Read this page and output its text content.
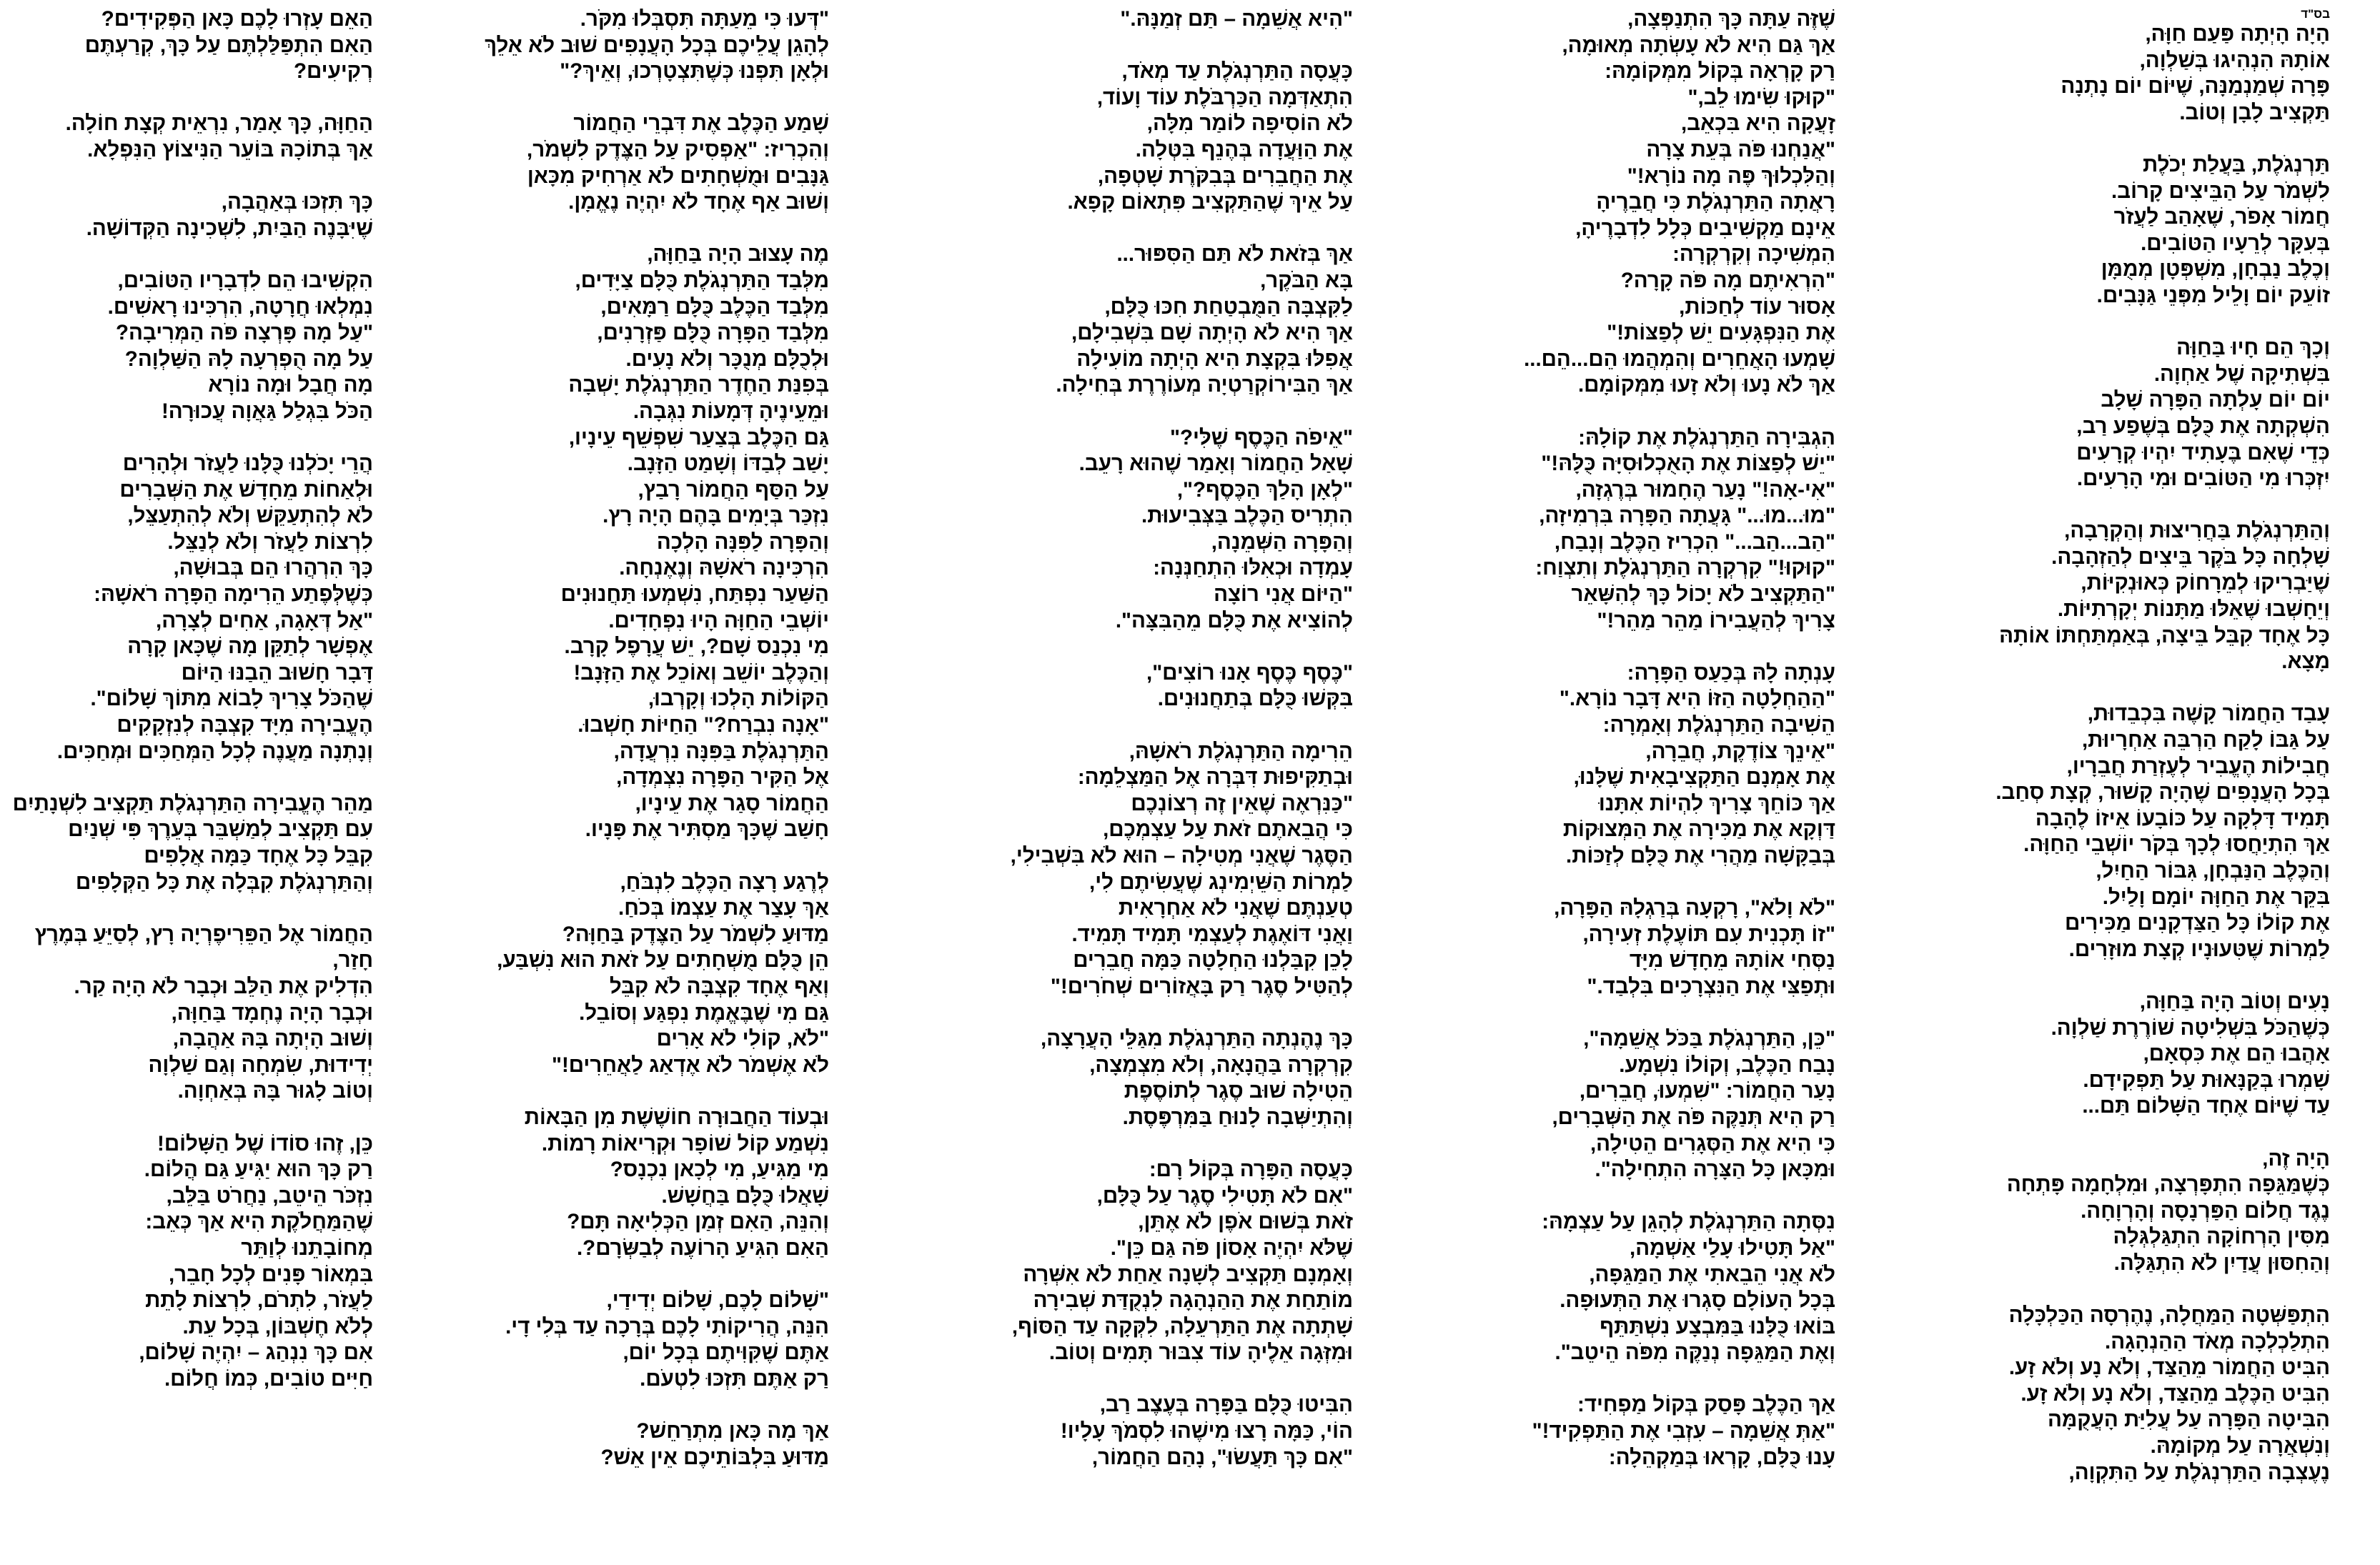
בס"ד
הָיָה הָיְתָה פַּעַם חַוָּה,
אוֹתָהּ הִנְהִיגוּ בְּשַׁלְוָה,
פָּרָה שְׁמַנְמַנָּה, שֶׁיּוֹם יוֹם נָתְנָה
תַּקְצִיב לָבָן וְטוֹב.
תַּרְנְגֹלֶת, בַּעֲלַת יְכֹלֶת
לִשְׁמֹר עַל הַבֵּיצִים קָרוֹב.
חֲמוֹר אָפֹר, שֶׁאָהַב לַעֲזֹר
בְּעִקָּר לְרֵעָיו הַטּוֹבִים.
וְכֶלֶב נַבְחָן, מִשְׁפְּטָן מְמֻמָּן
זוֹעֵק יוֹם וָלֵיל מִפְּנֵי גַּנָּבִים.
וְכָךְ הֵם חָיוּ בַּחַוָּה
בִּשְׁתִיקָה שֶׁל אַחְוָה.
יוֹם יוֹם עָלְתָה הַפָּרָה שָׁלָב
הִשְׁקְתָה אֶת כֻּלָּם בְּשֶׁפַע רַב,
כְּדֵי שֶׁאִם בֶּעָתִיד יִהְיוּ קְרָעִים
יִזְכְּרוּ מִי הַטּוֹבִים וּמִי הָרָעִים.
וְהַתַּרְנְגֹלֶת בַּחֲרִיצוּת וְהַקְרָבָה,
שָׁלְחָה כָּל בֹּקֶר בֵּיצִים לְהַזְהָבָה.
שֶׁיַּבְרִיקוּ לְמֵרָחוֹק כְּאוּנְקִיּוֹת,
וְיֵחָשְׁבוּ שֶׁאֵלּוּ מַתָּנוֹת יְקָרְתִיּוֹת.
כָּל אֶחָד קִבֵּל בֵּיצָה, בְּאַמְתַּחְתּוֹ אוֹתָהּ
מָצָא.
עָבַד הַחֲמוֹר קָשֶׁה בִּכְבֵדוּת,
עַל גַּבּוֹ לָקַח הַרְבֵּה אַחְרָיוּת,
חֲבִילוֹת הֶעֱבִיר לְעֶזְרַת חֲבֵרָיו,
בְּכָל הָעֲנָפִים שֶׁהָיָה קָשׁוּר, קְצָת סְחַב.
תָּמִיד דָּלְקָה עַל כּוֹבָעוֹ אֵיזוֹ לֶהָבָה
אַךְ הִתְיַחֲסוּ לְכָךְ בְּקֹר יוֹשְׁבֵי הַחַוָּה.
וְהַכֶּלֶב הַנַּבְחָן, גִּבּוֹר הַחַיִל,
בִּקֵּר אֶת הַחַוָּה יוֹמָם וָלַיִל.
אֶת קוֹלוֹ כָּל הַצַּדְקָנִים מַכִּירִים
לַמְרוֹת שֶׁטִּעוּנָיו קְצָת מוּזָרִים.
נָעִים וְטוֹב הָיָה בַּחַוָּה,
כְּשֶׁהַכֹּל בִּשְׁלִיטָה שׁוֹרֶרֶת שַׁלְוָה.
אָהֲבוּ הֵם אֶת כִּסְאָם,
שָׁמְרוּ בְּקַנָּאוּת עַל תַּפְקִידָם.
עַד שֶׁיּוֹם אֶחָד הַשָּׁלוֹם תַּם...
הָיָה זֶה,
כְּשֶׁמַּגֵּפָה הִתְפָּרְצָה, וּמִלְחָמָה פָּתְחָה
נֶגֶד חֲלוֹם הַפַּרְנָסָה וְהָרְוָחָה.
מִסִּין הָרְחוֹקָה הִתְגַּלְגְּלָה
וְהַחִסּוּן עֲדַיִן לֹא הִתְגַּלָּה.
הִתְפַּשְּׁטָה הַמַּחֲלָה, נֶהֶרְסָה הַכַּלְכָּלָה
הִתְלַכְלְכָה מְאֹד הַהַנְהָגָה.
הִבִּיט הַחֲמוֹר מֵהַצַּד, וְלֹא נָע וְלֹא זָע.
הִבִּיט הַכֶּלֶב מֵהַצַּד, וְלֹא נָע וְלֹא זָע.
הִבִּיטָה הַפָּרָה עַל עֲלִיַּת הָעֲקֻמָּה
וְנִשְׁאֲרָה עַל מְקוֹמָהּ.
נֶעֶצְבָה הַתַּרְנְגֹלֶת עַל הַתִּקְוָה,
שֶׁזֶּה עַתָּה כָּךְ הִתְנַפְּצָה,
אַךְ גַּם הִיא לֹא עָשְׂתָה מְאוּמָה,
רַק קָרְאָה בְּקוֹל מִמְּקוֹמָהּ:
"קוּקוּ שִׂימוּ לֵב,"
זָעֲקָה הִיא בִּכְאֵב,
"אֲנַחְנוּ פֹּה בְּעֵת צָרָה
וְהַלִּכְלוּךְ פֶּה מָה נוֹרָא!"
רָאֲתָה הַתַּרְנְגֹלֶת כִּי חֲבֵרֶיהָ
אֵינָם מַקְשִׁיבִים כְּלָל לִדְבָרֶיהָ,
הִמְשִׁיכָה וְקִרְקְרָה:
"הִרְאִיתֶם מָה פֹּה קָרָה?
אָסוּר עוֹד לְחַכּוֹת,
אֶת הַנִּפְגָּעִים יֵשׁ לְפַצּוֹת!"
שָׁמְעוּ הָאֲחֵרִים וְהִמְהֲמוּ הֵם...הֵם...
אַךְ לֹא נָעוּ וְלֹא זָעוּ מִמְּקוֹמָם.
הִגְבִּירָה הַתַּרְנְגֹלֶת אֶת קוֹלָהּ:
"יֵשׁ לְפַצּוֹת אֶת הָאֻכְלוּסִיָּה כֻּלָּהּ!"
"אִי-אָה!" נָעַר הֶחָמוּר בְּרֶגְזָה,
"מוּ...מוּ..." גָּעֲתָה הַפָּרָה בִּרְמִיזָה,
"הַב...הַב..." הִכְרִיז הַכֶּלֶב וְנָבַח,
"קוּקוּ!" קִרְקְרָה הַתַּרְנְגֹלֶת וְתִצְוַח:
"הַתַּקְצִיב לֹא יָכוֹל כָּךְ לְהִשָּׁאֵר
צָרִיךְ לְהַעֲבִירוֹ מַהֵר מַהֵר!"
עָנְתָה לָהּ בְּכַעַס הַפָּרָה:
"הַהַחְלָטָה הַזּוֹ הִיא דָּבָר נוֹרָא."
הֵשִׁיבָה הַתַּרְנְגֹלֶת וְאָמְרָה:
"אֵינֵךְ צוֹדֶקֶת, חֲבֵרָה,
אֶת אָמְנָם הַתַּקְצִיבָאִית שֶׁלָּנוּ,
אַךְ כּוֹחֵךְ צָרִיךְ לִהְיוֹת אִתָּנוּ
דַּוְקָא אֶת מַכִּירָה אֶת הַמְּצוּקוֹת
בְּבַקָּשָׁה מַהֲרִי אֶת כֻּלָּם לְזַכּוֹת.
"לֹא וָלֹא", רָקְעָה בְּרַגְלָהּ הַפָּרָה,
"זוֹ תָּכְנִית עִם תּוֹעֶלֶת זְעִירָה,
נַסְּחִי אוֹתָהּ מֵחָדָשׁ מִיָּד
וּתְפַצִּי אֶת הַנִּצְרָכִים בִּלְבַד."
"כֵּן, הַתַּרְנְגֹלֶת בַּכֹּל אֲשֵׁמָה",
נָבַח הַכֶּלֶב, וְקוֹלוֹ נִשְׁמָע.
נָעַר הַחֲמוֹר: "שִׁמְעוּ, חֲבֵרִים,
רַק הִיא תְּנַקֶּה פֹּה אֶת הַשְּׁבָרִים,
כִּי הִיא אֶת הַסְּגָרִים הֵטִילָה,
וּמִכָּאן כָּל הַצָּרָה הִתְחִילָה".
נִסְּתָה הַתַּרְנְגֹלֶת לְהָגֵן עַל עַצְמָהּ:
"אַל תָּטִילוּ עָלַי אַשְׁמָה,
לֹא אֲנִי הֵבֵאתִי אֶת הַמַּגֵּפָה,
בְּכָל הָעוֹלָם סָגְרוּ אֶת הַתְּעוּפָה.
בּוֹאוּ כֻּלָּנוּ בַּמִּבְצָע נִשְׁתַּתֵּף
וְאֶת הַמַּגֵּפָה נְנַקֶּה מִפֹּה הֵיטֵב".
אַךְ הַכֶּלֶב פָּסַק בְּקוֹל מַפְחִיד:
"אַתְּ אֲשֵׁמָה – עִזְבִי אֶת הַתַּפְקִיד!"
עָנוּ כֻּלָּם, קָרְאוּ בְּמַקְהֵלָה:
"הִיא אֲשֵׁמָה – תַּם זְמַנָּהּ."
כָּעֲסָה הַתַּרְנְגֹלֶת עַד מְאֹד,
הִתְאַדְּמָה הַכַּרְבֹּלֶת עוֹד וָעוֹד,
לֹא הוֹסִיפָה לוֹמַר מִלָּה,
אֶת הַוַּעֲדָה בְּהֶנֵף בִּטְּלָה.
אֶת הַחֲבֵרִים בְּבִקֹּרֶת שָׁטְפָה,
עַל אֵיךְ שֶׁהַתַּקְצִיב פִּתְאוֹם קָפָא.
אַךְ בְּזֹאת לֹא תַּם הַסִּפּוּר...
בָּא הַבֹּקֶר,
לַקִּצְבָּה הַמֻּבְטַחַת חִכּוּ כֻּלָּם,
אַךְ הִיא לֹא הָיְתָה שָׁם בִּשְׁבִילָם,
אֲפִלּוּ בִּקְצָת הִיא הָיְתָה מוֹעִילָה
אַךְ הַבִּירוֹקְרַטְיָה מְעוֹרֶרֶת בְּחִילָה.
"אֵיפֹה הַכֶּסֶף שֶׁלִּי?"
שָׁאַל הַחֲמוֹר וְאָמַר שֶׁהוּא רָעֵב.
"לְאָן הָלַךְ הַכֶּסֶף?",
הִתְרִיס הַכֶּלֶב בַּצְּבִיעוּת.
וְהַפָּרָה הַשְּׁמֵנָה,
עָמְדָה וּכְאִלּוּ הִתְחַנְּנָה:
"הַיּוֹם אֲנִי רוֹצָה
לְהוֹצִיא אֶת כֻּלָּם מֵהַבִּצָּה".
"כֶּסֶף כֶּסֶף אָנוּ רוֹצִים",
בִּקְּשׁוּ כֻּלָּם בְּתַחֲנוּנִים.
הֵרִימָה הַתַּרְנְגֹלֶת רֹאשָׁהּ,
וּבְתַקִּיפוּת דִּבְּרָה אֶל הַמַּצְלֵמָה:
"כַּנִּרְאֶה שֶׁאֵין זֶה רְצוֹנְכֶם
כִּי הֲבֵאתֶם זֹאת עַל עַצְמְכֶם,
הַסֶּגֶר שֶׁאֲנִי מְטִילָה – הוּא לֹא בִּשְׁבִילִי,
לַמְרוֹת הַשֵּׁיְמִינְג שֶׁעֲשִׂיתֶם לִי,
טְעַנְתֶּם שֶׁאֲנִי לֹא אַחְרָאִית
וַאֲנִי דּוֹאֶגֶת לְעַצְמִי תָּמִיד תָּמִיד.
לָכֵן קִבַּלְנוּ הַחְלָטָה כַּמָּה חֲבֵרִים
לְהַטִּיל סֶגֶר רַק בָּאֲזוֹרִים שְׁחֹרִים!"
כָּךְ נֶהֶנְתָה הַתַּרְנְגֹלֶת מִגַּלֵּי הָעֲרָצָה,
קִרְקְרָה בַּהֲנָאָה, וְלֹא מִצְמְצָה,
הֵטִילָה שׁוּב סֶגֶר לְתוֹסֶפֶת
וְהִתְיַשְּׁבָה לָנוּחַ בַּמִּרְפֶּסֶת.
כָּעֲסָה הַפָּרָה בְּקוֹל רָם:
"אִם לֹא תָּטִילִי סֶגֶר עַל כֻּלָּם,
זֹאת בְּשׁוּם אֹפֶן לֹא אֶתֵּן,
שֶׁלֹּא יִהְיֶה אָסוֹן פֹּה גַּם כֵּן".
וְאָמְנָם תַּקְצִיב לְשָׁנָה אַחַת לֹא אִשְּׁרָה
מוֹתַחַת אֶת הַהַנְהָגָה לִנְקֻדַּת שְׁבִירָה
שָׁתְתָה אֶת הַתַּרְעֵלָה, לִקְּקָה עַד הַסּוֹף,
וּמִזְּגָה אֵלֶיהָ עוֹד צִבּוּר תָּמִים וְטוֹב.
הִבִּיטוּ כֻּלָּם בַּפָּרָה בְּעֶצֶב רַב,
הוֹי, כַּמָּה רָצוּ מִישֶׁהוּ לִסְמֹךְ עָלָיו!
"אִם כָּךְ תַּעֲשׂוּ", נָהַם הַחֲמוֹר,
"דְּעוּ כִּי מֵעַתָּה תִּסְבְּלוּ מִקֹּר.
לְהָגֵן עֲלֵיכֶם בְּכָל הָעֲנָפִים שׁוּב לֹא אֵלֵךְ
וּלְאָן תִּפְנוּ כְּשֶׁתִּצְטָרְכוּ, וְאֵיךְ?"
שָׁמַע הַכֶּלֶב אֶת דִּבְרֵי הַחֲמוֹר
וְהִכְרִיז: "אַפְסִיק עַל הַצֶּדֶק לִשְׁמֹר,
גַּנָּבִים וּמֻשְׁחָתִים לֹא אַרְחִיק מִכָּאן
וְשׁוּב אַף אֶחָד לֹא יִהְיֶה נֶאֱמָן.
מֶה עָצוּב הָיָה בַּחַוָּה,
מִלְּבַד הַתַּרְנְגֹלֶת כֻּלָּם צַיָּדִים,
מִלְּבַד הַכֶּלֶב כֻּלָּם רַמָּאִים,
מִלְּבַד הַפָּרָה כֻּלָּם פַּזְרָנִים,
וּלְכֻלָּם מְנֻכָּר וְלֹא נָעִים.
בְּפִנַּת הַחֶדֶר הַתַּרְנְגֹלֶת יָשְׁבָה
וּמֵעֵינֶיהָ דְּמָעוֹת נִגְּבָה.
גַּם הַכֶּלֶב בְּצַעַר שִׁפְשֵׁף עֵינָיו,
יָשַׁב לְבַדּוֹ וְשָׁמַט הַזָּנָב.
עַל הַסַּף הַחֲמוֹר רָבַץ,
נִזְכַּר בְּיָמִים בָּהֶם הָיָה רָץ.
וְהַפָּרָה לַפִּנָּה הָלְכָה
הִרְכִּינָה רֹאשָׁהּ וְנֶאֶנְחָה.
הַשַּׁעַר נִפְתַּח, נִשְׁמְעוּ תַּחֲנוּנִים
יוֹשְׁבֵי הַחַוָּה הָיוּ נִפְחָדִים.
מִי נִכְנַס שָׁם?, יֵשׁ עֲרָפֶל קָרָב.
וְהַכֶּלֶב יוֹשֵׁב וְאוֹכֵל אֶת הַזָּנָב!
הַקּוֹלוֹת הָלְכוּ וְקָרְבוּ,
"אָנָה נִבְרַח?" הַחַיּוֹת חָשְׁבוּ.
הַתַּרְנְגֹלֶת בַּפִּנָּה נִרְעֲדָה,
אֶל הַקִּיר הַפָּרָה נִצְמְדָה,
הַחֲמוֹר סָגַר אֶת עֵינָיו,
חָשַׁב שֶׁכָּךְ מַסְתִּיר אֶת פָּנָיו.
לְרֶגַע רָצָה הַכֶּלֶב לִנְבֹּחַ,
אַךְ עָצַר אֶת עַצְמוֹ בְּכֹחַ.
מַדּוּעַ לִשְׁמֹר עַל הַצֶּדֶק בַּחַוָּה?
הֵן כֻּלָּם מֻשְׁחָתִים עַל זֹאת הוּא נִשְׁבַּע,
וְאַף אֶחָד קִצְבָּה לֹא קִבֵּל
גַּם מִי שֶׁבֶּאֱמֶת נִפְגַּע וְסוֹבֵל.
"לֹא, קוֹלִי לֹא אָרִים
לֹא אֶשְׁמֹר לֹא אֶדְאַג לַאֲחֵרִים!"
וּבְעוֹד הַחֲבוּרָה חוֹשֶׁשֶׁת מִן הַבָּאוֹת
נִשְׁמַע קוֹל שׁוֹפָר וּקְרִיאוֹת רָמוֹת.
מִי מַגִּיעַ, מִי לְכָאן נִכְנָס?
שָׁאֲלוּ כֻּלָּם בַּחֲשָׁשׁ.
וְהִנֵּה, הַאִם זְמַן הַכְּלִיאָה תָּם?
הַאִם הִגִּיעַ הָרוֹעֶה לְבַשְּׂרָם?.
"שָׁלוֹם לָכֶם, שָׁלוֹם יְדִידַי,
הִנֵּה, הֲרִיקוֹתִי לָכֶם בְּרָכָה עַד בְּלִי דָי.
אַתֶּם שֶׁקִּוִּיתֶם בְּכָל יוֹם,
רַק אַתֶּם תִּזְכּוּ לִטְעֹם.
אַךְ מָה כָּאן מִתְרַחֵשׁ?
מַדּוּעַ בִּלְבּוֹתֵיכֶם אֵין אֵשׁ?
הַאֵם עָזְרוּ לָכֶם כָּאן הַפְּקִידִים?
הַאִם הִתְפַּלַּלְתֶּם עַל כָּךְ, קְרַעְתֶּם
רְקִיעִים?
הַחַוָּה, כָּךְ אָמַר, נִרְאֵית קְצָת חוֹלָה.
אַךְ בְּתוֹכָהּ בּוֹעֵר הַנִּיצוֹץ הַנִּפְלָא.
כָּךְ תִּזְכּוּ בְּאַהֲבָה,
שֶׁיִּבָּנֶה הַבַּיִת, לִשְׁכִינָה הַקְּדוֹשָׁה.
הִקְשִׁיבוּ הֵם לִדְבָרָיו הַטּוֹבִים,
נִמְלְאוּ חֲרָטָה, הִרְכִּינוּ רָאשִׁים.
"עַל מָה פָּרְצָה פֹּה הַמְּרִיבָה?
עַל מָה הֻפְרְעָה לָהּ הַשַּׁלְוָה?
מָה חֲבָל וּמָה נוֹרָא
הַכֹּל בִּגְלַל גַּאֲוָה עֲכוּרָה!
הֲרֵי יָכֹלְנוּ כֻּלָּנוּ לַעֲזֹר וּלְהָרִים
וּלְאַחוֹת מֵחָדָשׁ אֶת הַשְּׁבָרִים
לֹא לְהִתְעַקֵּשׁ וְלֹא לְהִתְעַצֵּל,
לִרְצוֹת לַעֲזֹר וְלֹא לְנַצֵּל.
כָּךְ הִרְהֲרוּ הֵם בְּבוּשָׁה,
כְּשֶׁלְּפֶתַע הֵרִימָה הַפָּרָה רֹאשָׁהּ:
"אַל דְּאָגָה, אַחִים לְצָרָה,
אֶפְשָׁר לְתַקֵּן מָה שֶׁכָּאן קָרָה
דָּבָר חָשׁוּב הֵבַנּוּ הַיּוֹם
שֶׁהַכֹּל צָרִיךְ לָבוֹא מִתּוֹךְ שָׁלוֹם".
הֶעֱבִירָה מִיָּד קִצְבָּה לְנִזְקָקִים
וְנָתְנָה מַעֲנֶה לְכָל הַמְּחַכִּים וּמְחַכִּים.
מַהֵר הֶעֱבִירָה הַתַּרְנְגֹלֶת תַּקְצִיב לִשְׁנָתַיִם
עִם תַּקְצִיב לְמַשְׁבֵּר בְּעֵרֶךְ פִּי שְׁנַיִם
קִבֵּל כָּל אֶחָד כַּמָּה אֲלָפִים
וְהַתַּרְנְגֹלֶת קִבְּלָה אֶת כָּל הַקְּלָפִים
הַחֲמוֹר אֶל הַפֵּרִיפֶרְיָה רָץ, לְסַיֵּעַ בְּמֶרֶץ
חָזַר,
הִדְלִיק אֶת הַלֵּב וּכְבָר לֹא הָיָה קַר.
וּכְבָר הָיָה נֶחְמָד בַּחַוָּה,
וְשׁוּב הָיְתָה בָּהּ אַהֲבָה,
יְדִידוּת, שִׂמְחָה וְגַם שַׁלְוָה
וְטוֹב לָגוּר בָּהּ בְּאַחְוָה.
כֵּן, זֶהוּ סוֹדוֹ שֶׁל הַשָּׁלוֹם!
רַק כָּךְ הוּא יַגִּיעַ גַּם הֲלוֹם.
נִזְכֹּר הֵיטֵב, נַחֲרֹט בַּלֵּב,
שֶׁהַמַּחֲלֹקֶת הִיא אַךְ כְּאֵב:
מְחוֹבָתֵנוּ לְוַתֵּר
בִּמְאוֹר פָּנִים לְכָל חָבֵר,
לַעֲזֹר, לִתְרֹם, לִרְצוֹת לָתֵת
לְלֹא חֶשְׁבּוֹן, בְּכָל עֵת.
אִם כָּךְ נִנְהַג – יִהְיֶה שָׁלוֹם,
חַיִּים טוֹבִים, כְּמוֹ חֲלוֹם.
